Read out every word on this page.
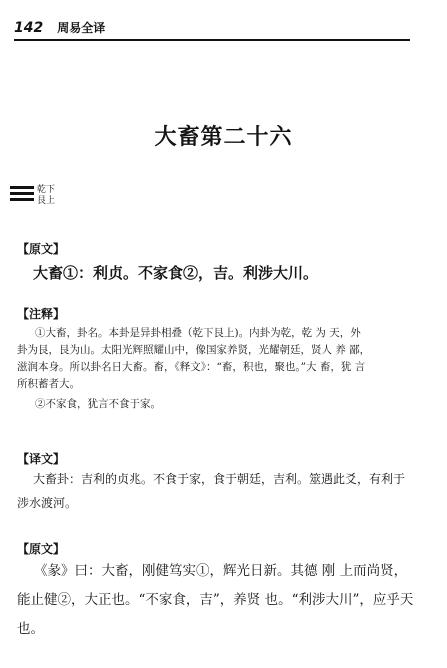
142 周易全译
大畜第二十六
乾下
艮上
【原文】
大畜①：利贞。不家食②，吉。利涉大川。
【注释】
①大畜，卦名。本卦是异卦相叠（乾下艮上)。内卦为乾，乾 为 天，外
卦为艮，艮为山。太阳光辉照耀山中，像国家养贤，光耀朝廷，贤人 养 鄙，
滋润本身。所以卦名日大畜。畜，《释文》：“畜，积也，聚也。”大 畜，犹 言
所积蓄者大。
②不家食，犹言不食于家。
【译文】
大畜卦：吉利的贞兆。不食于家，食于朝廷，吉利。筮遇此爻，有利于涉水渡河。
【原文】
《彖》曰：大畜，刚健笃实①，辉光日新。其德 刚 上而尚贤，能止健②，大正也。“不家食，吉”，养贤 也。“利涉大川”，应乎天也。
